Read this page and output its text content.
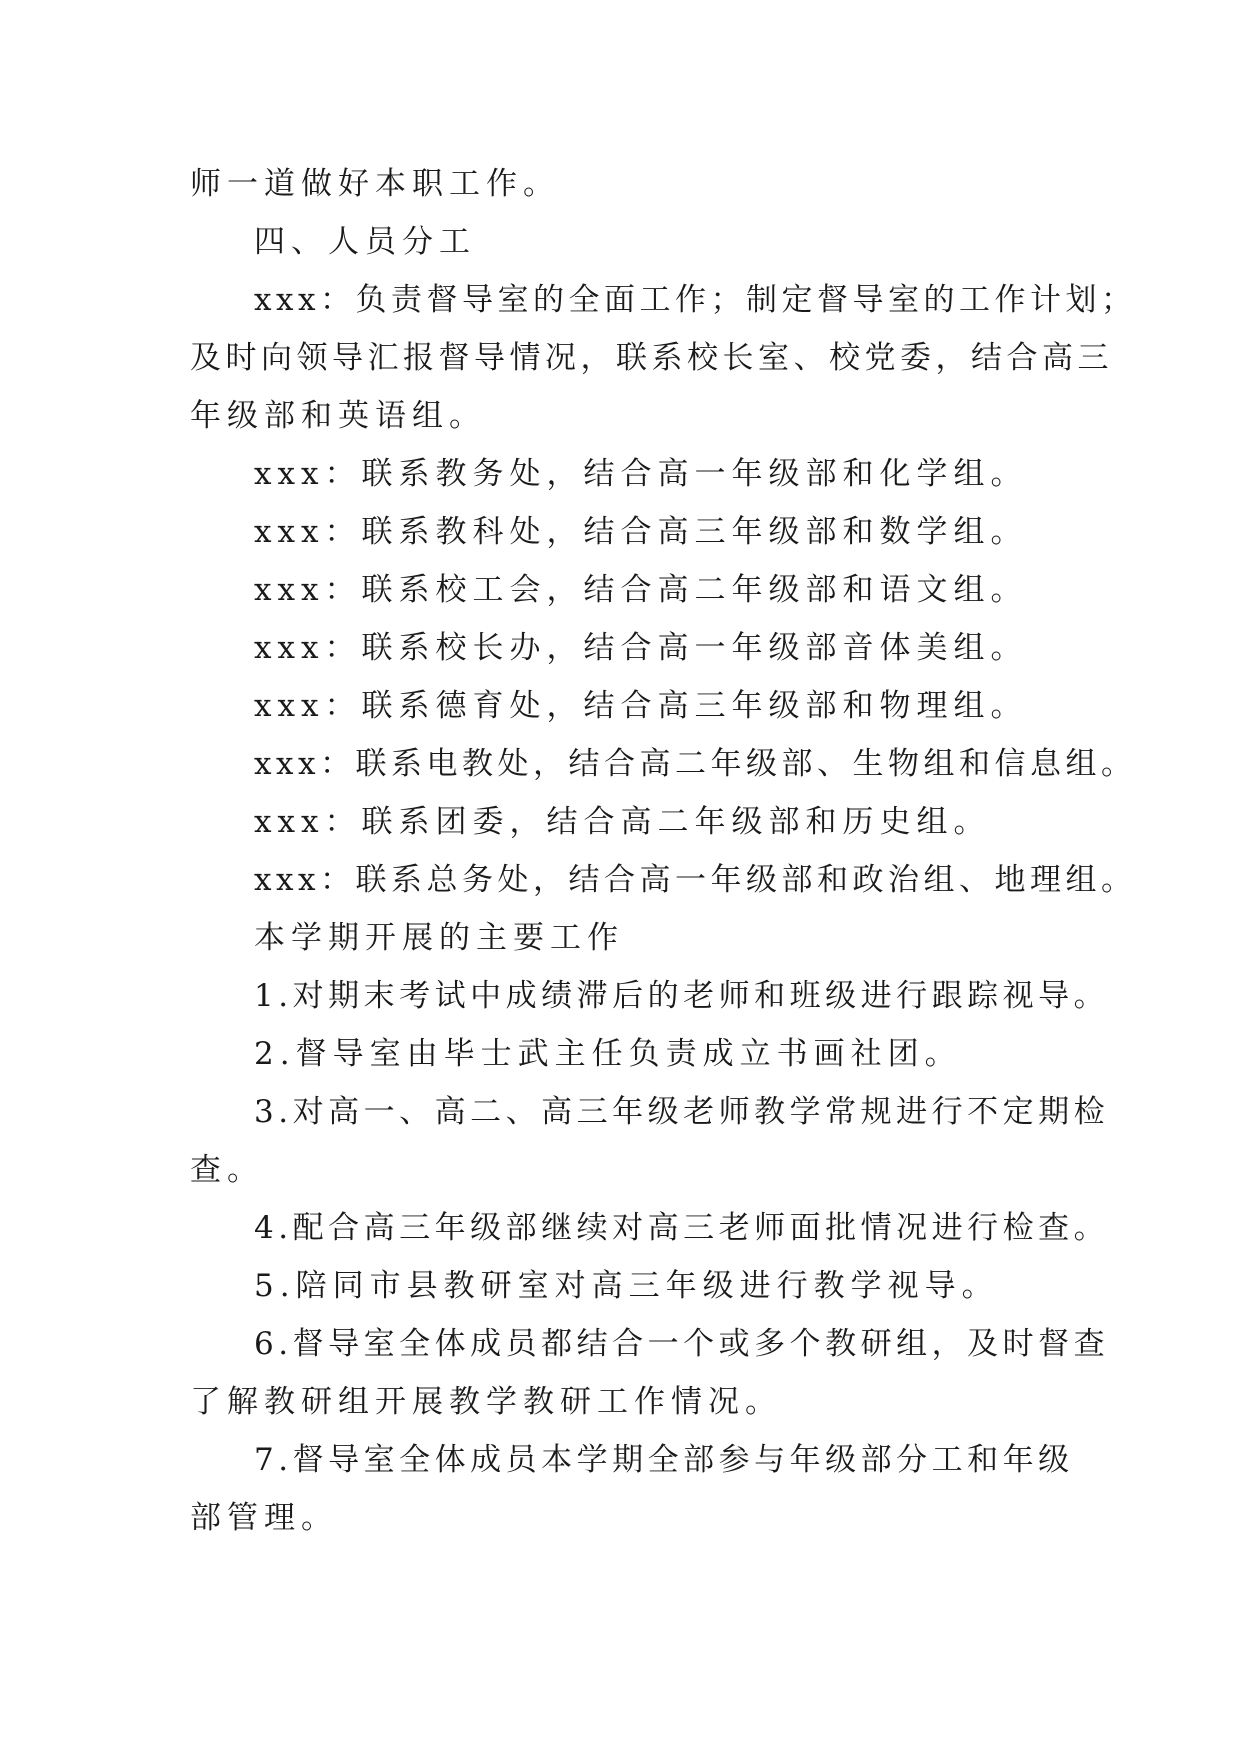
师一道做好本职工作。
四、人员分工
xxx：负责督导室的全面工作；制定督导室的工作计划；
及时向领导汇报督导情况，联系校长室、校党委，结合高三
年级部和英语组。
xxx：联系教务处，结合高一年级部和化学组。
xxx：联系教科处，结合高三年级部和数学组。
xxx：联系校工会，结合高二年级部和语文组。
xxx：联系校长办，结合高一年级部音体美组。
xxx：联系德育处，结合高三年级部和物理组。
xxx：联系电教处，结合高二年级部、生物组和信息组。
xxx：联系团委，结合高二年级部和历史组。
xxx：联系总务处，结合高一年级部和政治组、地理组。
本学期开展的主要工作
1.对期末考试中成绩滞后的老师和班级进行跟踪视导。
2.督导室由毕士武主任负责成立书画社团。
3.对高一、高二、高三年级老师教学常规进行不定期检
查。
4.配合高三年级部继续对高三老师面批情况进行检查。
5.陪同市县教研室对高三年级进行教学视导。
6.督导室全体成员都结合一个或多个教研组，及时督查
了解教研组开展教学教研工作情况。
7.督导室全体成员本学期全部参与年级部分工和年级
部管理。
